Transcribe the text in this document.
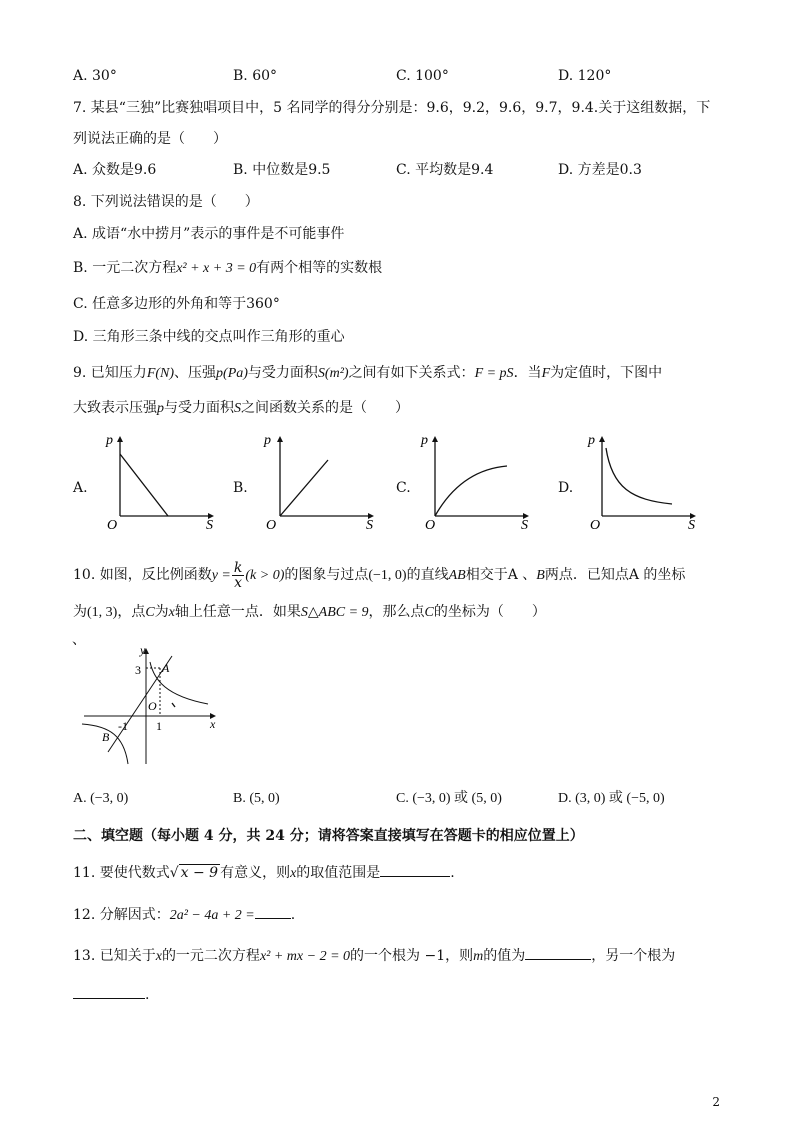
A. 30°	B. 60°	C. 100°	D. 120°
7. 某县“三独”比赛独唱项目中，5 名同学的得分分别是：9.6，9.2，9.6，9.7，9.4.关于这组数据，下
列说法正确的是（　　）
A. 众数是9.6	B. 中位数是9.5	C. 平均数是9.4	D. 方差是0.3
8. 下列说法错误的是（　　）
A. 成语“水中捞月”表示的事件是不可能事件
B. 一元二次方程x² + x + 3 = 0有两个相等的实数根
C. 任意多边形的外角和等于360°
D. 三角形三条中线的交点叫作三角形的重心
9. 已知压力F(N)、压强p(Pa)与受力面积S(m²)之间有如下关系式：F = pS．当F为定值时，下图中
大致表示压强p与受力面积S之间函数关系的是（　　）
A.	B.	C.	D.
p
S
O
p
S
O
p
S
O
p
S
O
10. 如图，反比例函数$y = \frac{k}{x} (k > 0)$的图象与过点(−1, 0)的直线AB相交于A 、B两点．已知点A 的坐标
为(1, 3)，点C为x轴上任意一点．如果S△ABC = 9，那么点C的坐标为（　　）
、
y
x
A
B
O
3
1
-1
A. (−3, 0)	B. (5, 0)	C. (−3, 0) 或 (5, 0)	D. (3, 0) 或 (−5, 0)
二、填空题（每小题 4 分，共 24 分；请将答案直接填写在答题卡的相应位置上）
11. 要使代数式√ x − 9 有意义，则x的取值范围是	.
12. 分解因式：2a² − 4a + 2 =	.
13. 已知关于x的一元二次方程x² + mx − 2 = 0的一个根为 −1，则m的值为	，另一个根为
.
2
